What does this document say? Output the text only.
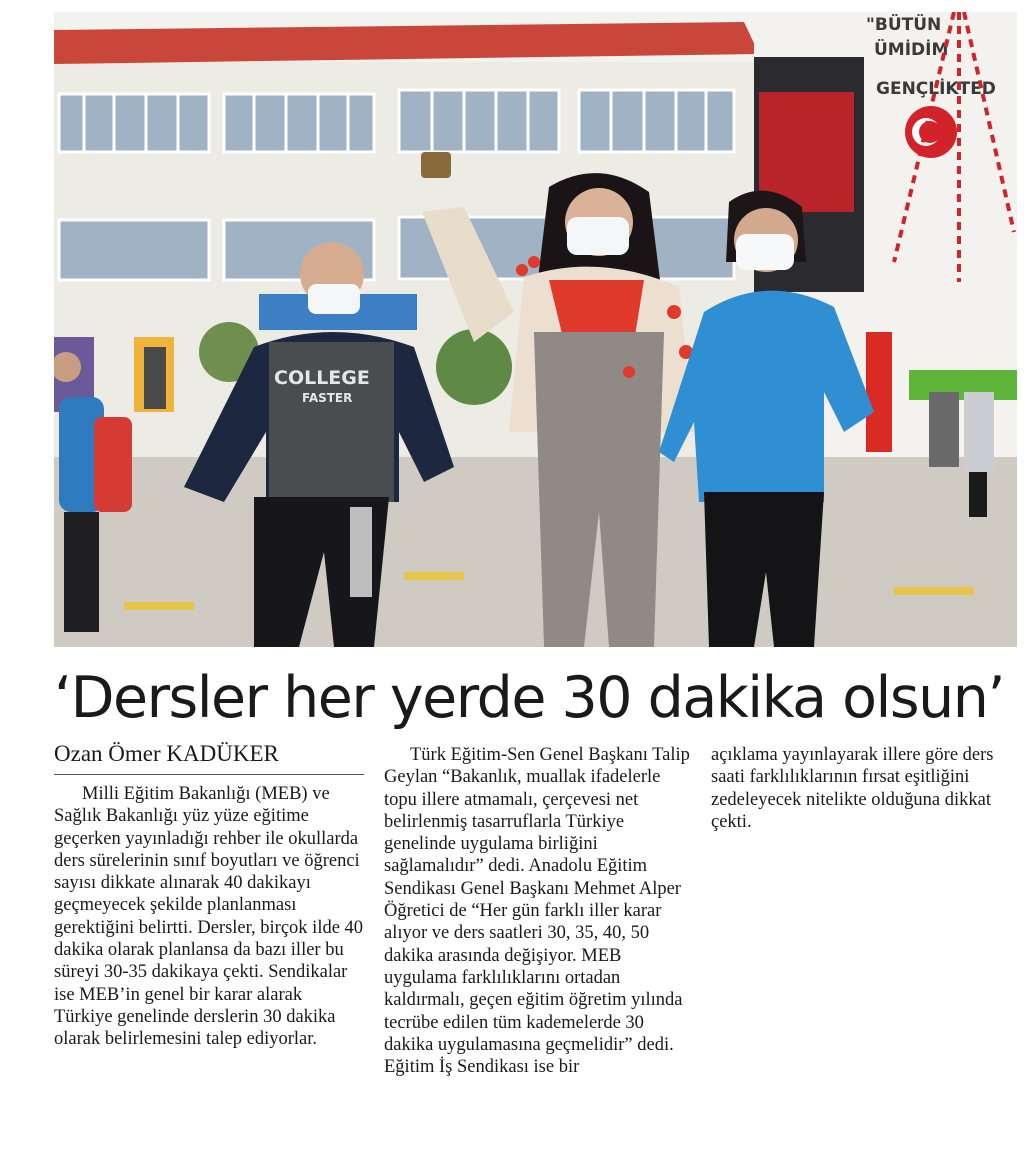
"BÜTÜN
ÜMİDİM
GENÇLİKTED
COLLEGE
FASTER
‘Dersler her yerde 30 dakika olsun’
Ozan Ömer KADÜKER

Milli Eğitim Bakanlığı (MEB) ve Sağlık Bakanlığı yüz yüze eğitime geçerken yayınladığı rehber ile okullarda ders sürelerinin sınıf boyutları ve öğrenci sayısı dikkate alınarak 40 dakikayı geçmeyecek şekilde planlanması gerektiğini belirtti. Dersler, birçok ilde 40 dakika olarak planlansa da bazı iller bu süreyi 30-35 dakikaya çekti. Sendikalar ise MEB’in genel bir karar alarak Türkiye genelinde derslerin 30 dakika olarak belirlemesini talep ediyorlar.

Türk Eğitim-Sen Genel Başkanı Talip Geylan “Bakanlık, muallak ifadelerle topu illere atmamalı, çerçevesi net belirlenmiş tasarruflarla Türkiye genelinde uygulama birliğini sağlamalıdır” dedi. Anadolu Eğitim Sendikası Genel Başkanı Mehmet Alper Öğretici de “Her gün farklı iller karar alıyor ve ders saatleri 30, 35, 40, 50 dakika arasında değişiyor. MEB uygulama farklılıklarını ortadan kaldırmalı, geçen eğitim öğretim yılında tecrübe edilen tüm kademelerde 30 dakika uygulamasına geçmelidir” dedi. Eğitim İş Sendikası ise bir

açıklama yayınlayarak illere göre ders saati farklılıklarının fırsat eşitliğini zedeleyecek nitelikte olduğuna dikkat çekti.
